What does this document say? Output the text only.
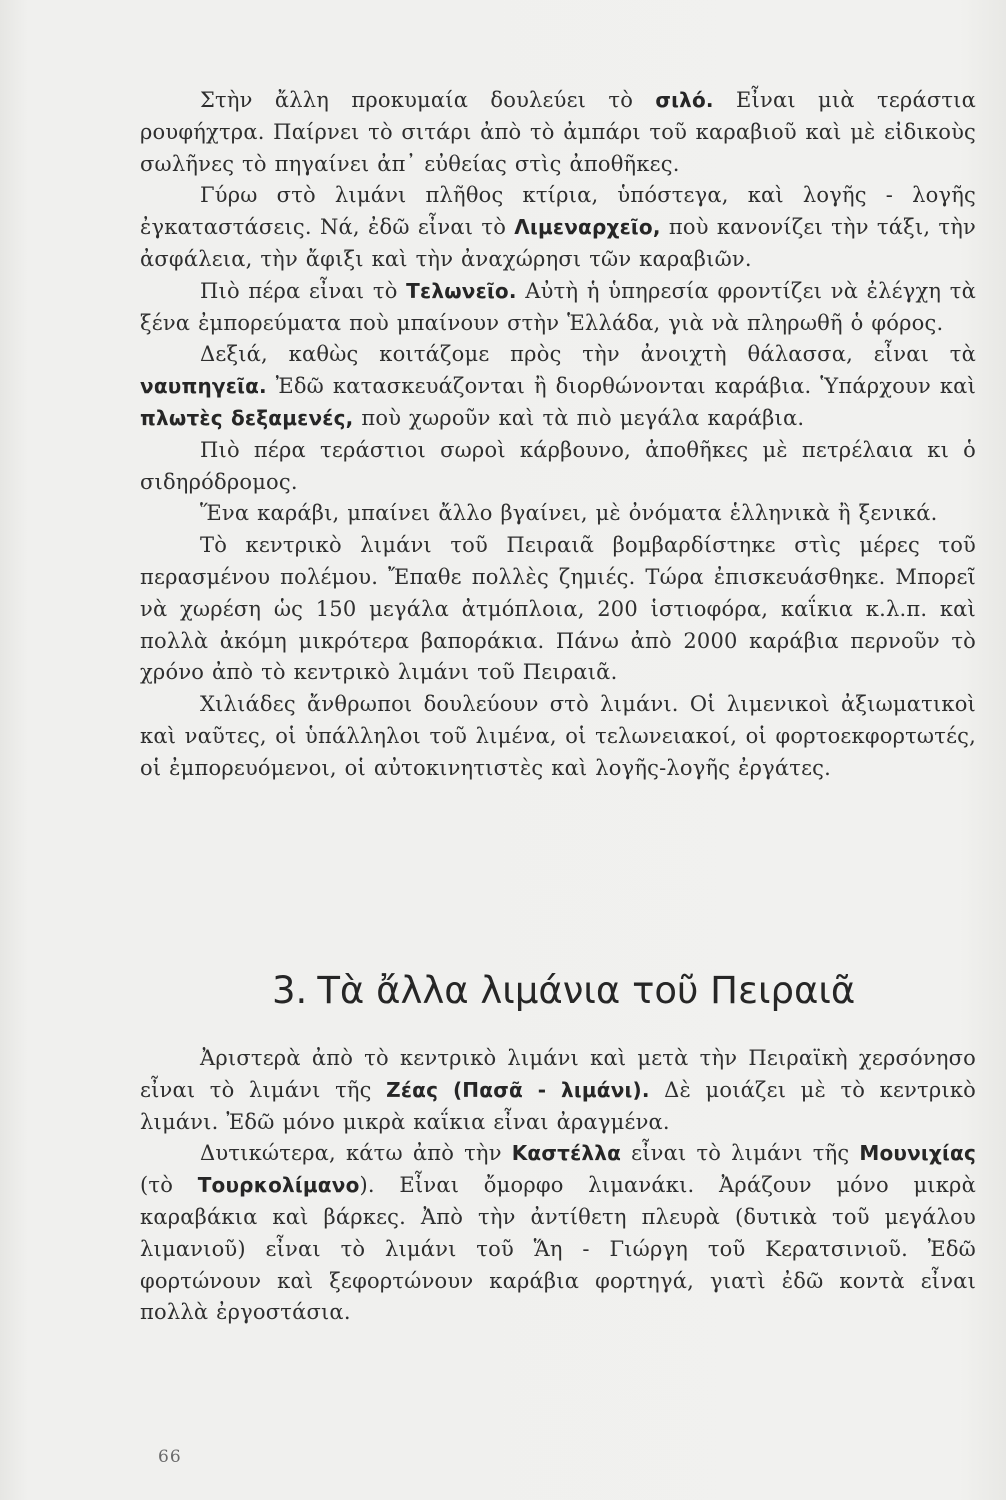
Στὴν ἄλλη προκυμαία δουλεύει τὸ σιλό. Εἶναι μιὰ τεράστια ρουφήχτρα. Παίρνει τὸ σιτάρι ἀπὸ τὸ ἀμπάρι τοῦ καραβιοῦ καὶ μὲ εἰδικοὺς σωλῆνες τὸ πηγαίνει ἀπ᾽ εὐθείας στὶς ἀποθῆκες.

Γύρω στὸ λιμάνι πλῆθος κτίρια, ὑπόστεγα, καὶ λογῆς - λογῆς ἐγκαταστάσεις. Νά, ἐδῶ εἶναι τὸ Λιμεναρχεῖο, ποὺ κανονίζει τὴν τάξι, τὴν ἀσφάλεια, τὴν ἄφιξι καὶ τὴν ἀναχώρησι τῶν καραβιῶν.

Πιὸ πέρα εἶναι τὸ Τελωνεῖο. Αὐτὴ ἡ ὑπηρεσία φροντίζει νὰ ἐλέγχη τὰ ξένα ἐμπορεύματα ποὺ μπαίνουν στὴν Ἑλλάδα, γιὰ νὰ πληρωθῆ ὁ φόρος.

Δεξιά, καθὼς κοιτάζομε πρὸς τὴν ἀνοιχτὴ θάλασσα, εἶναι τὰ ναυπηγεῖα. Ἐδῶ κατασκευάζονται ἢ διορθώνονται καράβια. Ὑπάρχουν καὶ πλωτὲς δεξαμενές, ποὺ χωροῦν καὶ τὰ πιὸ μεγάλα καράβια.

Πιὸ πέρα τεράστιοι σωροὶ κάρβουνο, ἀποθῆκες μὲ πετρέλαια κι ὁ σιδηρόδρομος.

Ἕνα καράβι, μπαίνει ἄλλο βγαίνει, μὲ ὀνόματα ἑλληνικὰ ἢ ξενικά.

Τὸ κεντρικὸ λιμάνι τοῦ Πειραιᾶ βομβαρδίστηκε στὶς μέρες τοῦ περασμένου πολέμου. Ἔπαθε πολλὲς ζημιές. Τώρα ἐπισκευάσθηκε. Μπορεῖ νὰ χωρέση ὡς 150 μεγάλα ἀτμόπλοια, 200 ἱστιοφόρα, καΐκια κ.λ.π. καὶ πολλὰ ἀκόμη μικρότερα βαποράκια. Πάνω ἀπὸ 2000 καράβια περνοῦν τὸ χρόνο ἀπὸ τὸ κεντρικὸ λιμάνι τοῦ Πειραιᾶ.

Χιλιάδες ἄνθρωποι δουλεύουν στὸ λιμάνι. Οἱ λιμενικοὶ ἀξιωματικοὶ καὶ ναῦτες, οἱ ὑπάλληλοι τοῦ λιμένα, οἱ τελωνειακοί, οἱ φορτοεκφορτωτές, οἱ ἐμπορευόμενοι, οἱ αὐτοκινητιστὲς καὶ λογῆς-λογῆς ἐργάτες.

3. Τὰ ἄλλα λιμάνια τοῦ Πειραιᾶ

Ἀριστερὰ ἀπὸ τὸ κεντρικὸ λιμάνι καὶ μετὰ τὴν Πειραϊκὴ χερσόνησο εἶναι τὸ λιμάνι τῆς Ζέας (Πασᾶ - λιμάνι). Δὲ μοιάζει μὲ τὸ κεντρικὸ λιμάνι. Ἐδῶ μόνο μικρὰ καΐκια εἶναι ἀραγμένα.

Δυτικώτερα, κάτω ἀπὸ τὴν Καστέλλα εἶναι τὸ λιμάνι τῆς Μουνιχίας (τὸ Τουρκολίμανο). Εἶναι ὄμορφο λιμανάκι. Ἀράζουν μόνο μικρὰ καραβάκια καὶ βάρκες. Ἀπὸ τὴν ἀντίθετη πλευρὰ (δυτικὰ τοῦ μεγάλου λιμανιοῦ) εἶναι τὸ λιμάνι τοῦ Ἅη - Γιώργη τοῦ Κερατσινιοῦ. Ἐδῶ φορτώνουν καὶ ξεφορτώνουν καράβια φορτηγά, γιατὶ ἐδῶ κοντὰ εἶναι πολλὰ ἐργοστάσια.

66
